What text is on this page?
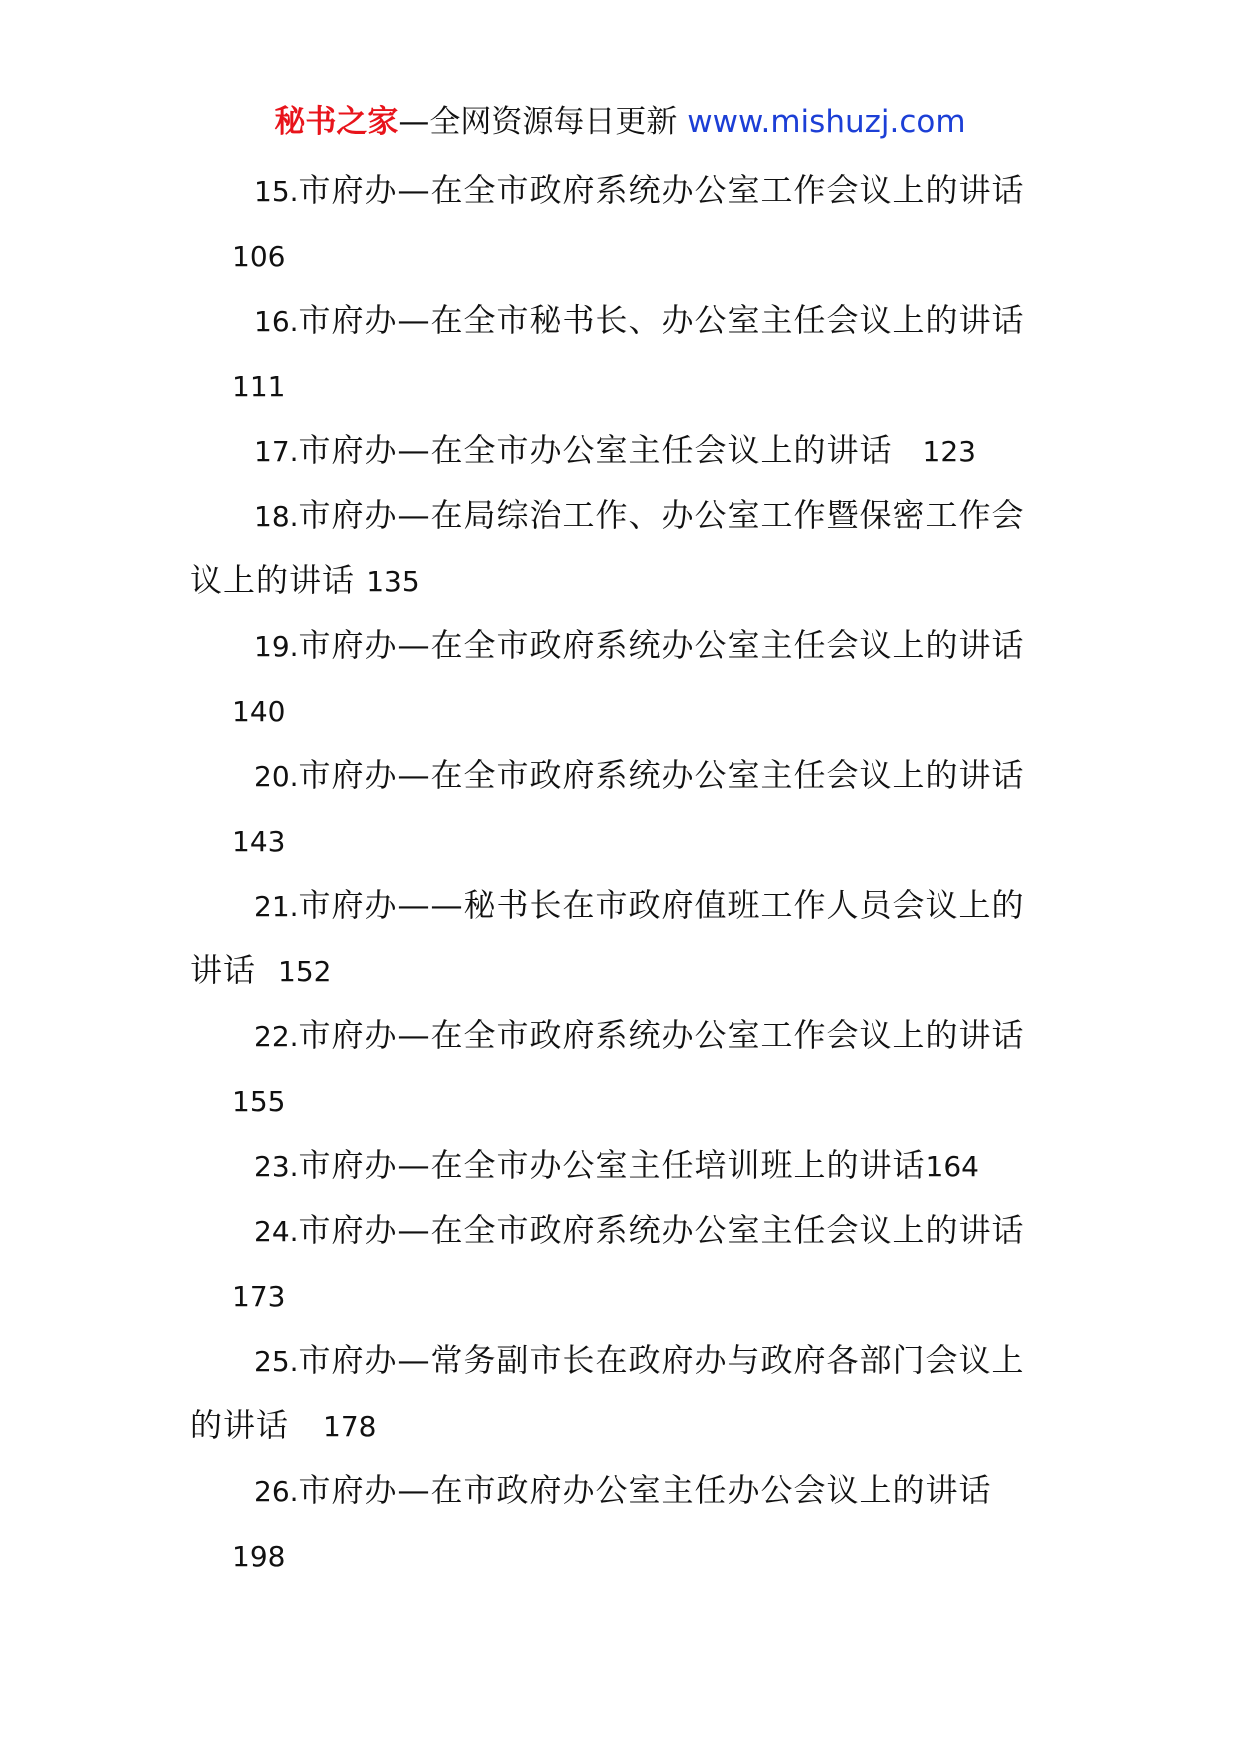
秘书之家—全网资源每日更新 www.mishuzj.com
15.市府办—在全市政府系统办公室工作会议上的讲话
106
16.市府办—在全市秘书长、办公室主任会议上的讲话
111
17.市府办—在全市办公室主任会议上的讲话 123
18.市府办—在局综治工作、办公室工作暨保密工作会
议上的讲话 135
19.市府办—在全市政府系统办公室主任会议上的讲话
140
20.市府办—在全市政府系统办公室主任会议上的讲话
143
21.市府办——秘书长在市政府值班工作人员会议上的
讲话 152
22.市府办—在全市政府系统办公室工作会议上的讲话
155
23.市府办—在全市办公室主任培训班上的讲话164
24.市府办—在全市政府系统办公室主任会议上的讲话
173
25.市府办—常务副市长在政府办与政府各部门会议上
的讲话 178
26.市府办—在市政府办公室主任办公会议上的讲话
198
